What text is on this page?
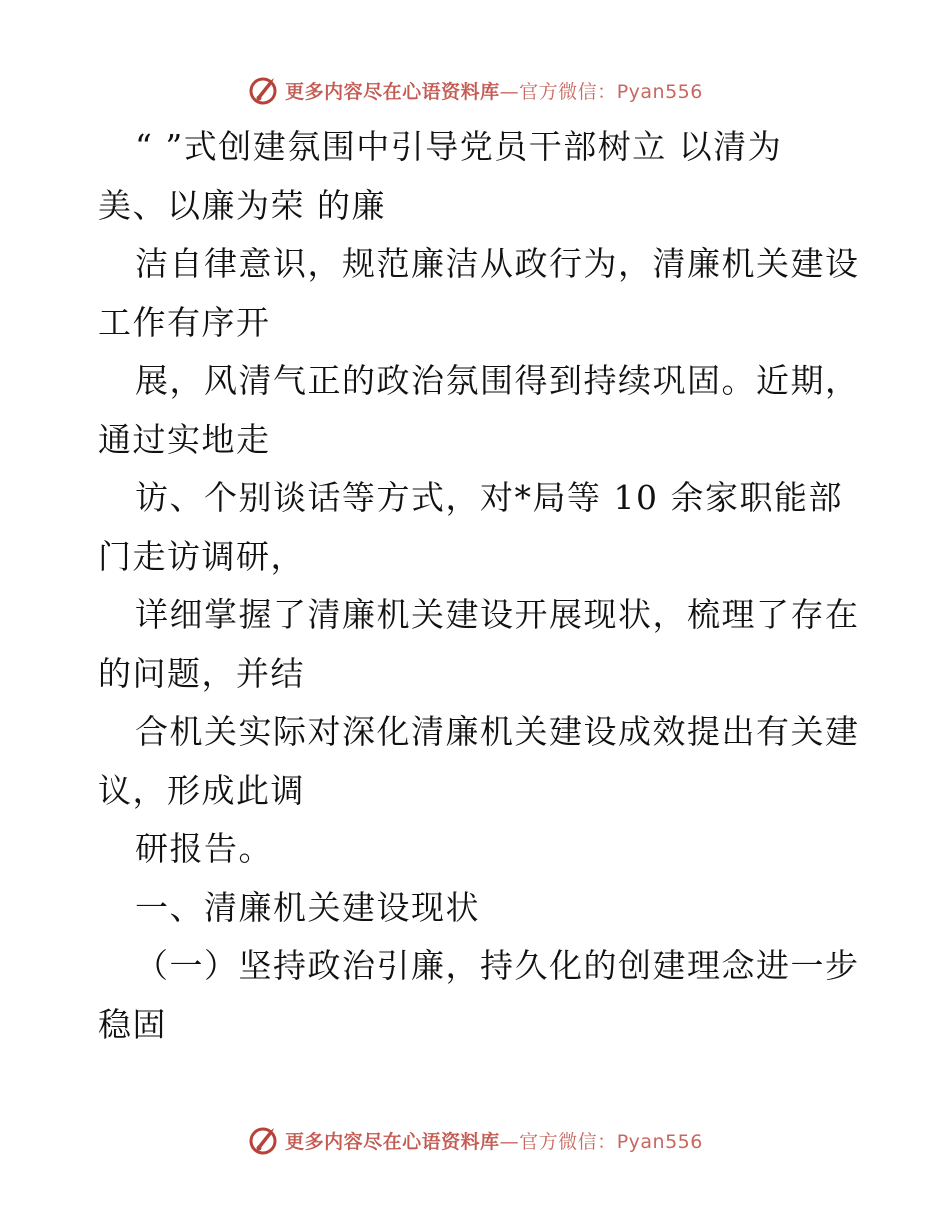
更多内容尽在心语资料库—官方微信：Pyan556
“ ”式创建氛围中引导党员干部树立 以清为
美、以廉为荣 的廉
洁自律意识，规范廉洁从政行为，清廉机关建设
工作有序开
展，风清气正的政治氛围得到持续巩固。近期，
通过实地走
访、个别谈话等方式，对*局等 10 余家职能部
门走访调研，
详细掌握了清廉机关建设开展现状，梳理了存在
的问题，并结
合机关实际对深化清廉机关建设成效提出有关建
议，形成此调
研报告。
一、清廉机关建设现状
（一）坚持政治引廉，持久化的创建理念进一步
稳固
更多内容尽在心语资料库—官方微信：Pyan556
